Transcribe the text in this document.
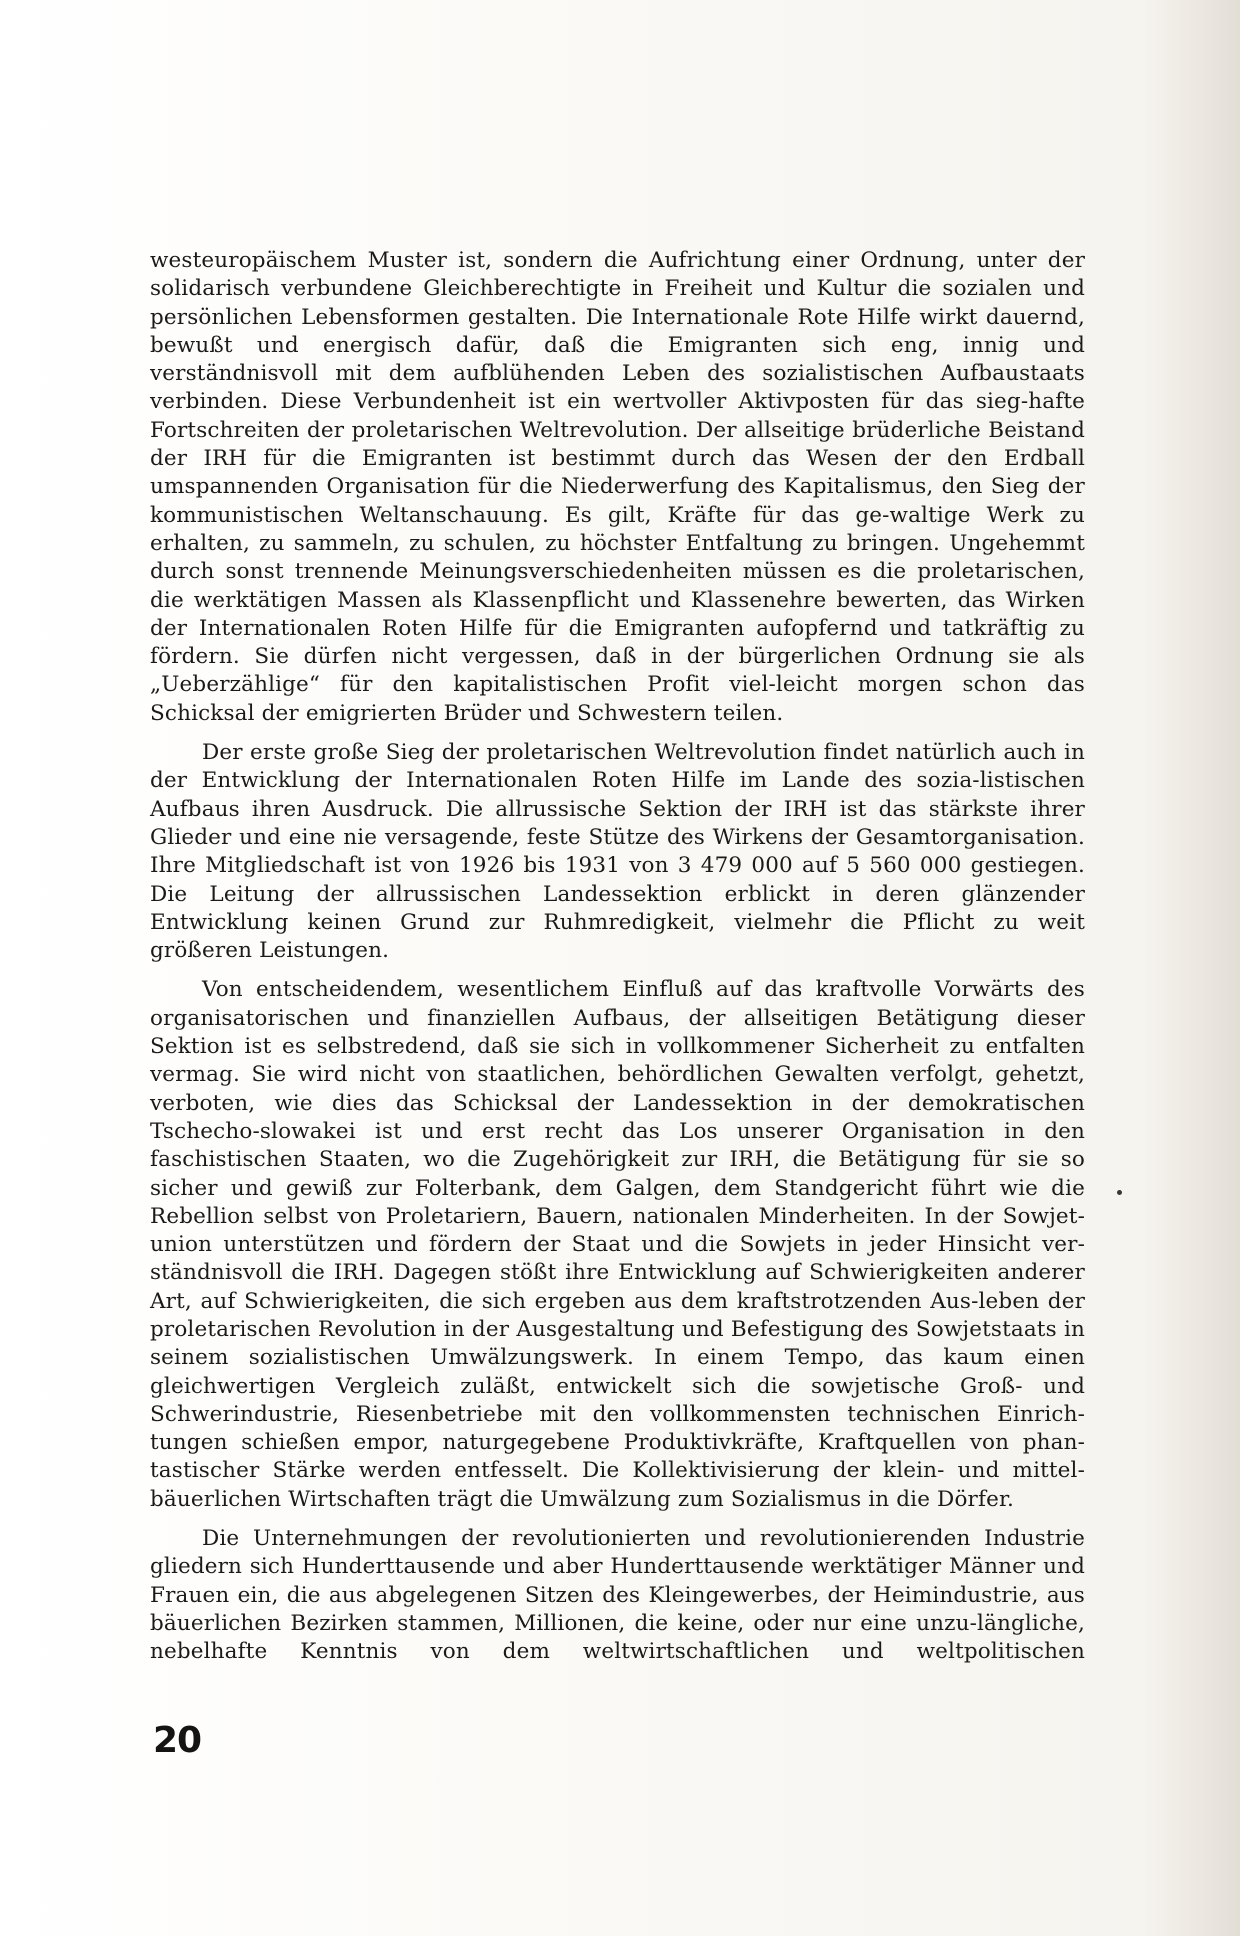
westeuropäischem Muster ist, sondern die Aufrichtung einer Ordnung, unter der solidarisch verbundene Gleichberechtigte in Freiheit und Kultur die sozialen und persönlichen Lebensformen gestalten. Die Internationale Rote Hilfe wirkt dauernd, bewußt und energisch dafür, daß die Emigranten sich eng, innig und verständnisvoll mit dem aufblühenden Leben des sozialistischen Aufbaustaats verbinden. Diese Verbundenheit ist ein wertvoller Aktivposten für das sieg-hafte Fortschreiten der proletarischen Weltrevolution. Der allseitige brüderliche Beistand der IRH für die Emigranten ist bestimmt durch das Wesen der den Erdball umspannenden Organisation für die Niederwerfung des Kapitalismus, den Sieg der kommunistischen Weltanschauung. Es gilt, Kräfte für das ge-waltige Werk zu erhalten, zu sammeln, zu schulen, zu höchster Entfaltung zu bringen. Ungehemmt durch sonst trennende Meinungsverschiedenheiten müssen es die proletarischen, die werktätigen Massen als Klassenpflicht und Klassenehre bewerten, das Wirken der Internationalen Roten Hilfe für die Emigranten aufopfernd und tatkräftig zu fördern. Sie dürfen nicht vergessen, daß in der bürgerlichen Ordnung sie als „Ueberzählige“ für den kapitalistischen Profit viel-leicht morgen schon das Schicksal der emigrierten Brüder und Schwestern teilen.

Der erste große Sieg der proletarischen Weltrevolution findet natürlich auch in der Entwicklung der Internationalen Roten Hilfe im Lande des sozia-listischen Aufbaus ihren Ausdruck. Die allrussische Sektion der IRH ist das stärkste ihrer Glieder und eine nie versagende, feste Stütze des Wirkens der Gesamtorganisation. Ihre Mitgliedschaft ist von 1926 bis 1931 von 3 479 000 auf 5 560 000 gestiegen. Die Leitung der allrussischen Landessektion erblickt in deren glänzender Entwicklung keinen Grund zur Ruhmredigkeit, vielmehr die Pflicht zu weit größeren Leistungen.

Von entscheidendem, wesentlichem Einfluß auf das kraftvolle Vorwärts des organisatorischen und finanziellen Aufbaus, der allseitigen Betätigung dieser Sektion ist es selbstredend, daß sie sich in vollkommener Sicherheit zu entfalten vermag. Sie wird nicht von staatlichen, behördlichen Gewalten verfolgt, gehetzt, verboten, wie dies das Schicksal der Landessektion in der demokratischen Tschecho-slowakei ist und erst recht das Los unserer Organisation in den faschistischen Staaten, wo die Zugehörigkeit zur IRH, die Betätigung für sie so sicher und gewiß zur Folterbank, dem Galgen, dem Standgericht führt wie die Rebellion selbst von Proletariern, Bauern, nationalen Minderheiten. In der Sowjet-union unterstützen und fördern der Staat und die Sowjets in jeder Hinsicht ver-ständnisvoll die IRH. Dagegen stößt ihre Entwicklung auf Schwierigkeiten anderer Art, auf Schwierigkeiten, die sich ergeben aus dem kraftstrotzenden Aus-leben der proletarischen Revolution in der Ausgestaltung und Befestigung des Sowjetstaats in seinem sozialistischen Umwälzungswerk. In einem Tempo, das kaum einen gleichwertigen Vergleich zuläßt, entwickelt sich die sowjetische Groß- und Schwerindustrie, Riesenbetriebe mit den vollkommensten technischen Einrich-tungen schießen empor, naturgegebene Produktivkräfte, Kraftquellen von phan-tastischer Stärke werden entfesselt. Die Kollektivisierung der klein- und mittel-bäuerlichen Wirtschaften trägt die Umwälzung zum Sozialismus in die Dörfer.

Die Unternehmungen der revolutionierten und revolutionierenden Industrie gliedern sich Hunderttausende und aber Hunderttausende werktätiger Männer und Frauen ein, die aus abgelegenen Sitzen des Kleingewerbes, der Heimindustrie, aus bäuerlichen Bezirken stammen, Millionen, die keine, oder nur eine unzu-längliche, nebelhafte Kenntnis von dem weltwirtschaftlichen und weltpolitischen

20
